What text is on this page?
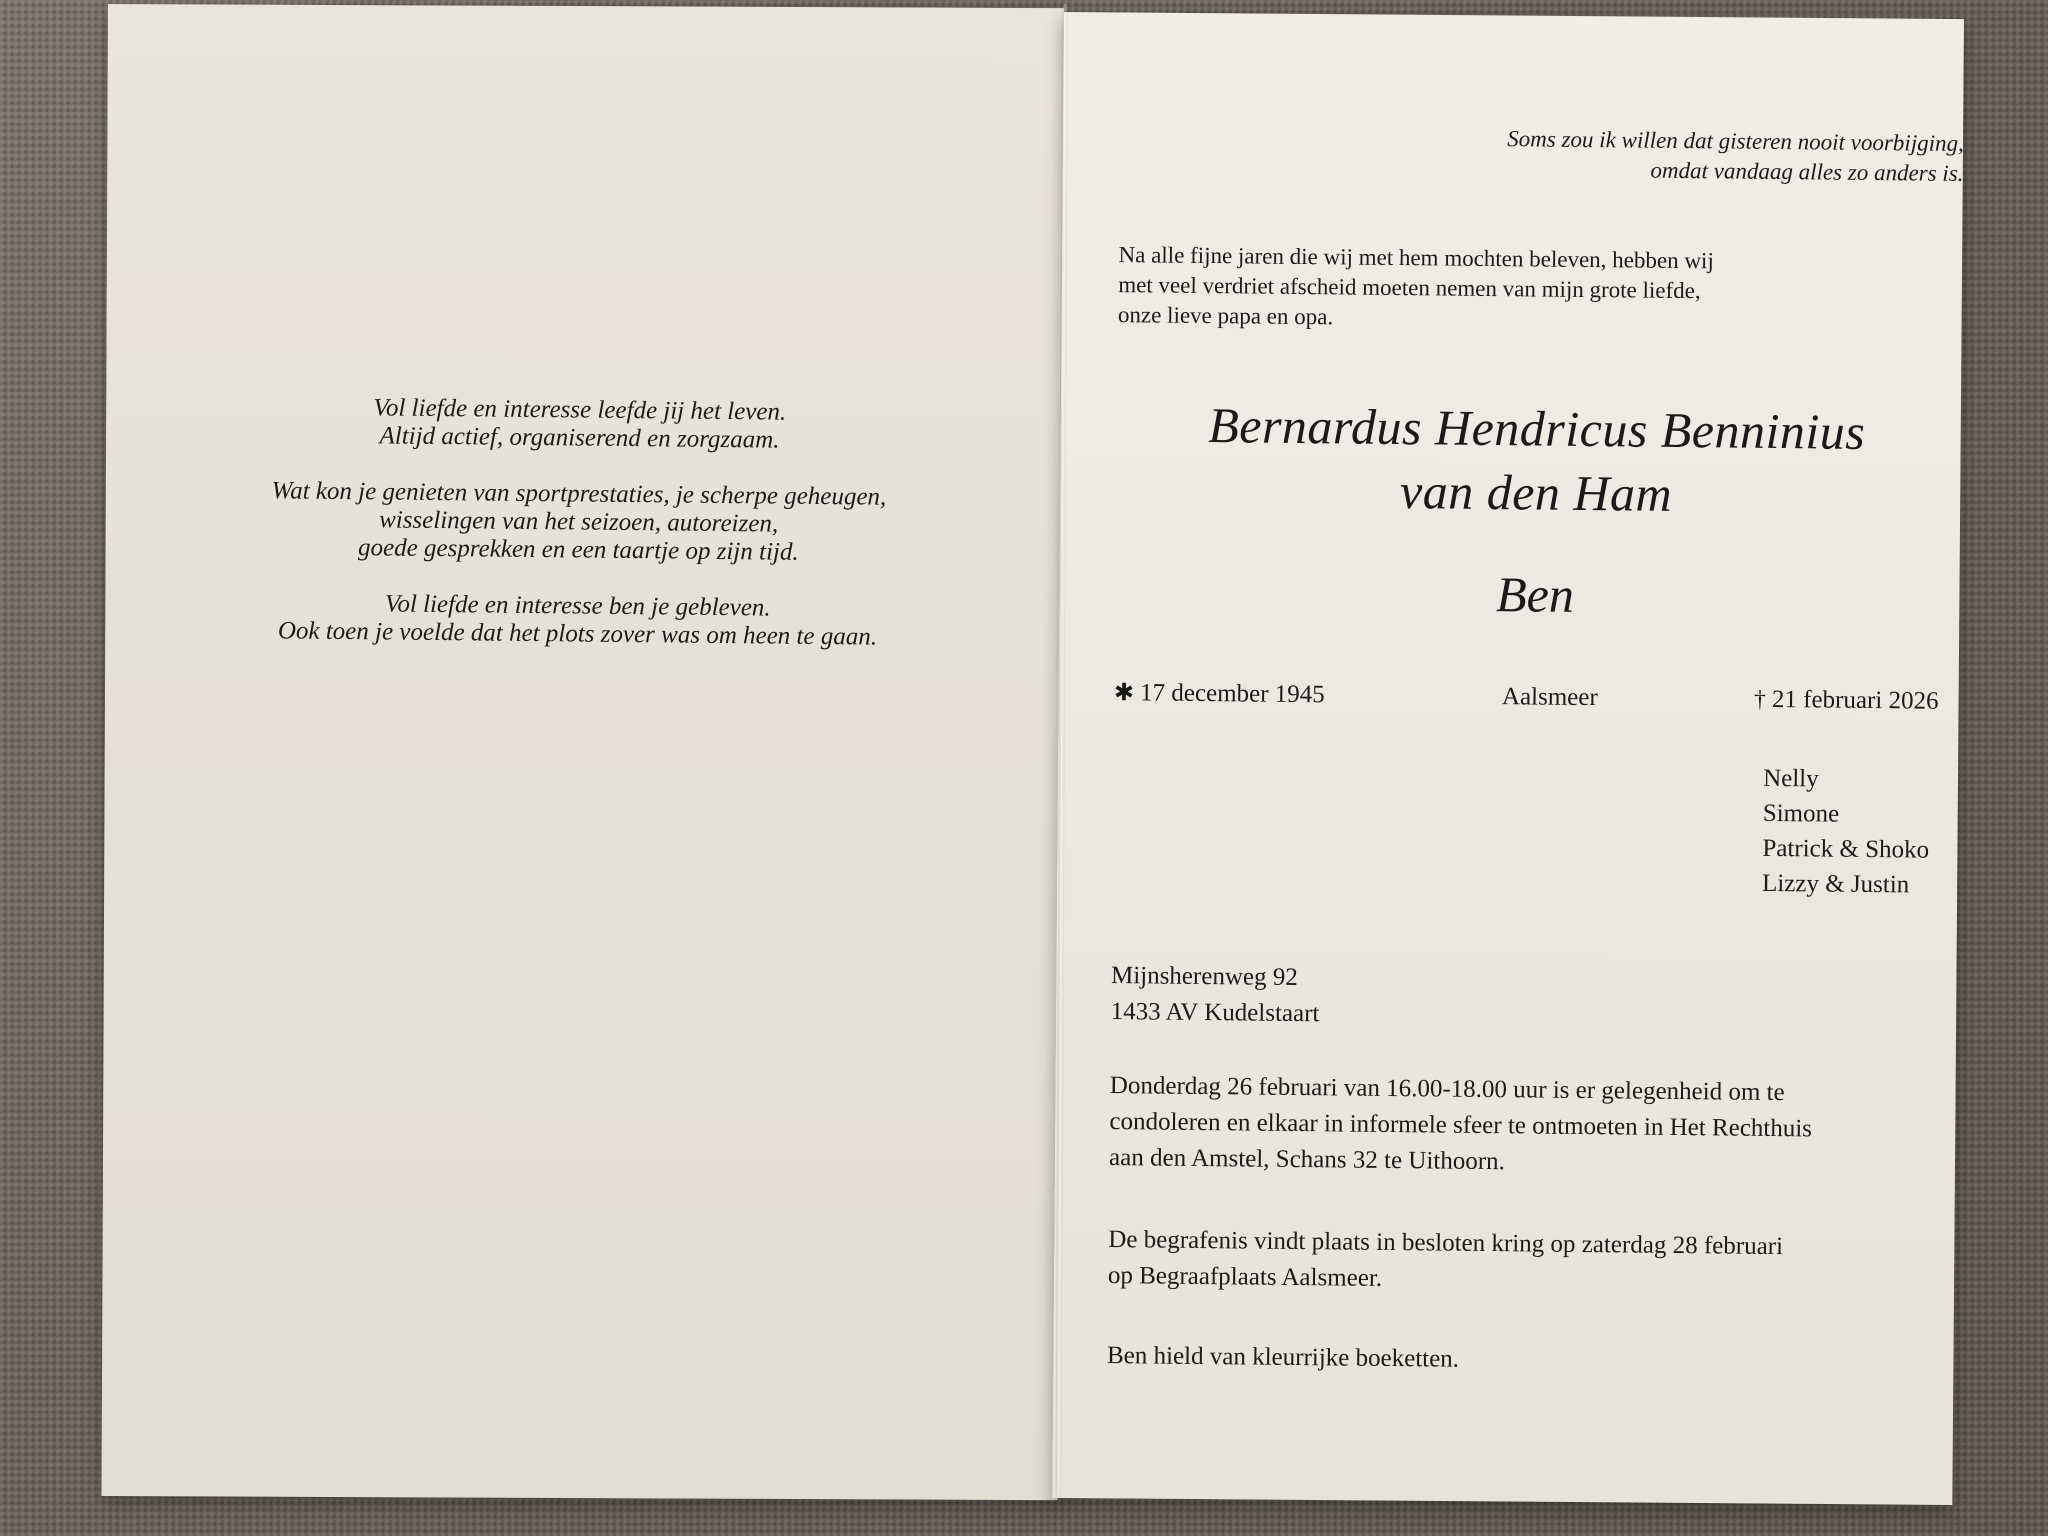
Vol liefde en interesse leefde jij het leven.
Altijd actief, organiserend en zorgzaam.
Wat kon je genieten van sportprestaties, je scherpe geheugen,
wisselingen van het seizoen, autoreizen,
goede gesprekken en een taartje op zijn tijd.
Vol liefde en interesse ben je gebleven.
Ook toen je voelde dat het plots zover was om heen te gaan.
Soms zou ik willen dat gisteren nooit voorbijging,
omdat vandaag alles zo anders is.
Na alle fijne jaren die wij met hem mochten beleven, hebben wij
met veel verdriet afscheid moeten nemen van mijn grote liefde,
onze lieve papa en opa.
Bernardus Hendricus Benninius
van den Ham
Ben
✱ 17 december 1945	Aalsmeer	† 21 februari 2026
Nelly
Simone
Patrick & Shoko
Lizzy & Justin
Mijnsherenweg 92
1433 AV Kudelstaart
Donderdag 26 februari van 16.00-18.00 uur is er gelegenheid om te
condoleren en elkaar in informele sfeer te ontmoeten in Het Rechthuis
aan den Amstel, Schans 32 te Uithoorn.
De begrafenis vindt plaats in besloten kring op zaterdag 28 februari
op Begraafplaats Aalsmeer.
Ben hield van kleurrijke boeketten.
